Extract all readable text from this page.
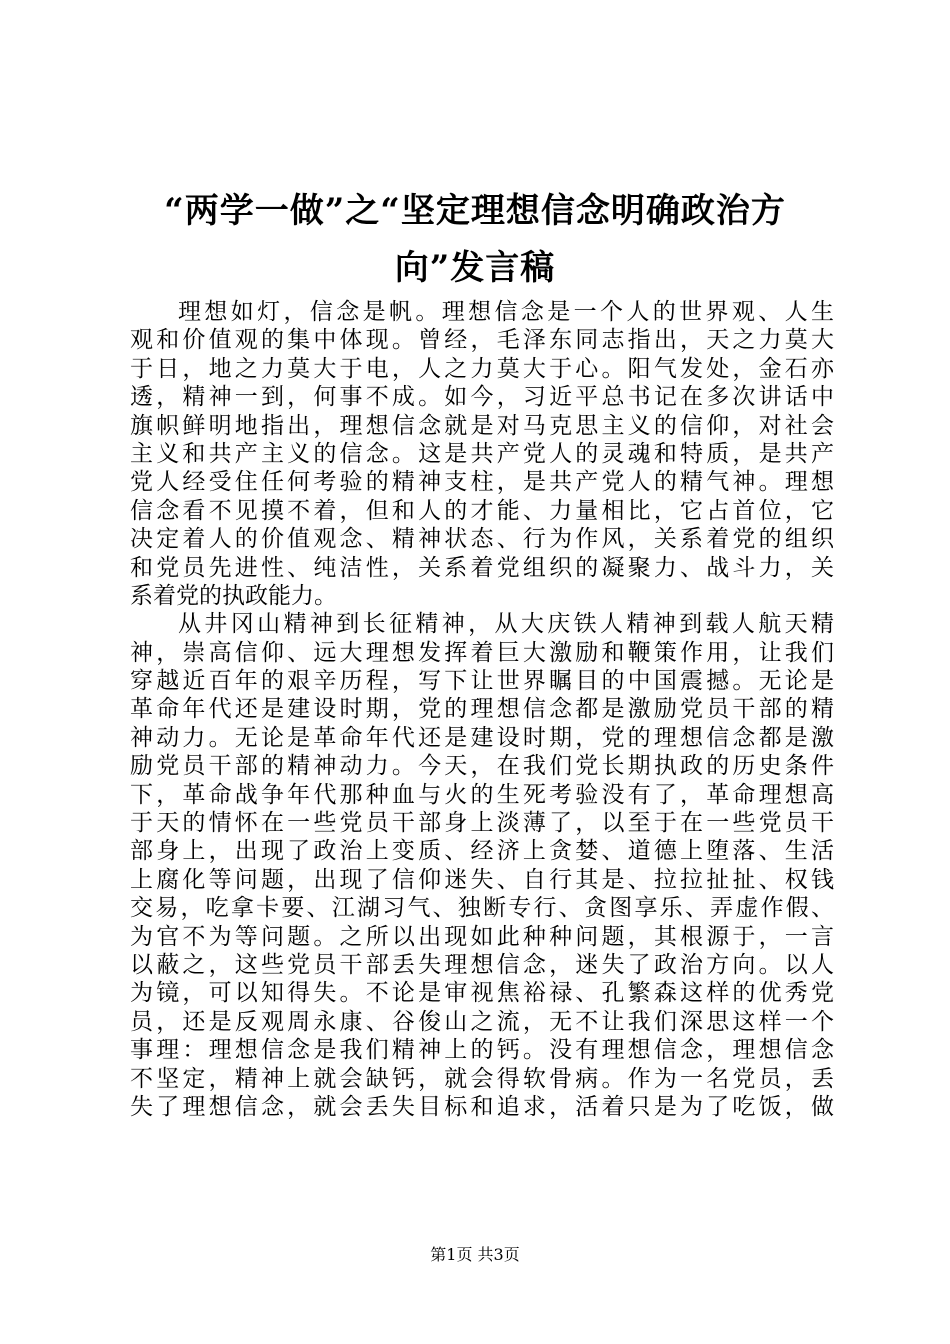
“两学一做”之“坚定理想信念明确政治方
向”发言稿
理想如灯，信念是帆。理想信念是一个人的世界观、人生
观和价值观的集中体现。曾经，毛泽东同志指出，天之力莫大
于日，地之力莫大于电，人之力莫大于心。阳气发处，金石亦
透，精神一到，何事不成。如今，习近平总书记在多次讲话中
旗帜鲜明地指出，理想信念就是对马克思主义的信仰，对社会
主义和共产主义的信念。这是共产党人的灵魂和特质，是共产
党人经受住任何考验的精神支柱，是共产党人的精气神。理想
信念看不见摸不着，但和人的才能、力量相比，它占首位，它
决定着人的价值观念、精神状态、行为作风，关系着党的组织
和党员先进性、纯洁性，关系着党组织的凝聚力、战斗力，关
系着党的执政能力。
从井冈山精神到长征精神，从大庆铁人精神到载人航天精
神，崇高信仰、远大理想发挥着巨大激励和鞭策作用，让我们
穿越近百年的艰辛历程，写下让世界瞩目的中国震撼。无论是
革命年代还是建设时期，党的理想信念都是激励党员干部的精
神动力。无论是革命年代还是建设时期，党的理想信念都是激
励党员干部的精神动力。今天，在我们党长期执政的历史条件
下，革命战争年代那种血与火的生死考验没有了，革命理想高
于天的情怀在一些党员干部身上淡薄了，以至于在一些党员干
部身上，出现了政治上变质、经济上贪婪、道德上堕落、生活
上腐化等问题，出现了信仰迷失、自行其是、拉拉扯扯、权钱
交易，吃拿卡要、江湖习气、独断专行、贪图享乐、弄虚作假、
为官不为等问题。之所以出现如此种种问题，其根源于，一言
以蔽之，这些党员干部丢失理想信念，迷失了政治方向。以人
为镜，可以知得失。不论是审视焦裕禄、孔繁森这样的优秀党
员，还是反观周永康、谷俊山之流，无不让我们深思这样一个
事理：理想信念是我们精神上的钙。没有理想信念，理想信念
不坚定，精神上就会缺钙，就会得软骨病。作为一名党员，丢
失了理想信念，就会丢失目标和追求，活着只是为了吃饭，做
第1页 共3页
